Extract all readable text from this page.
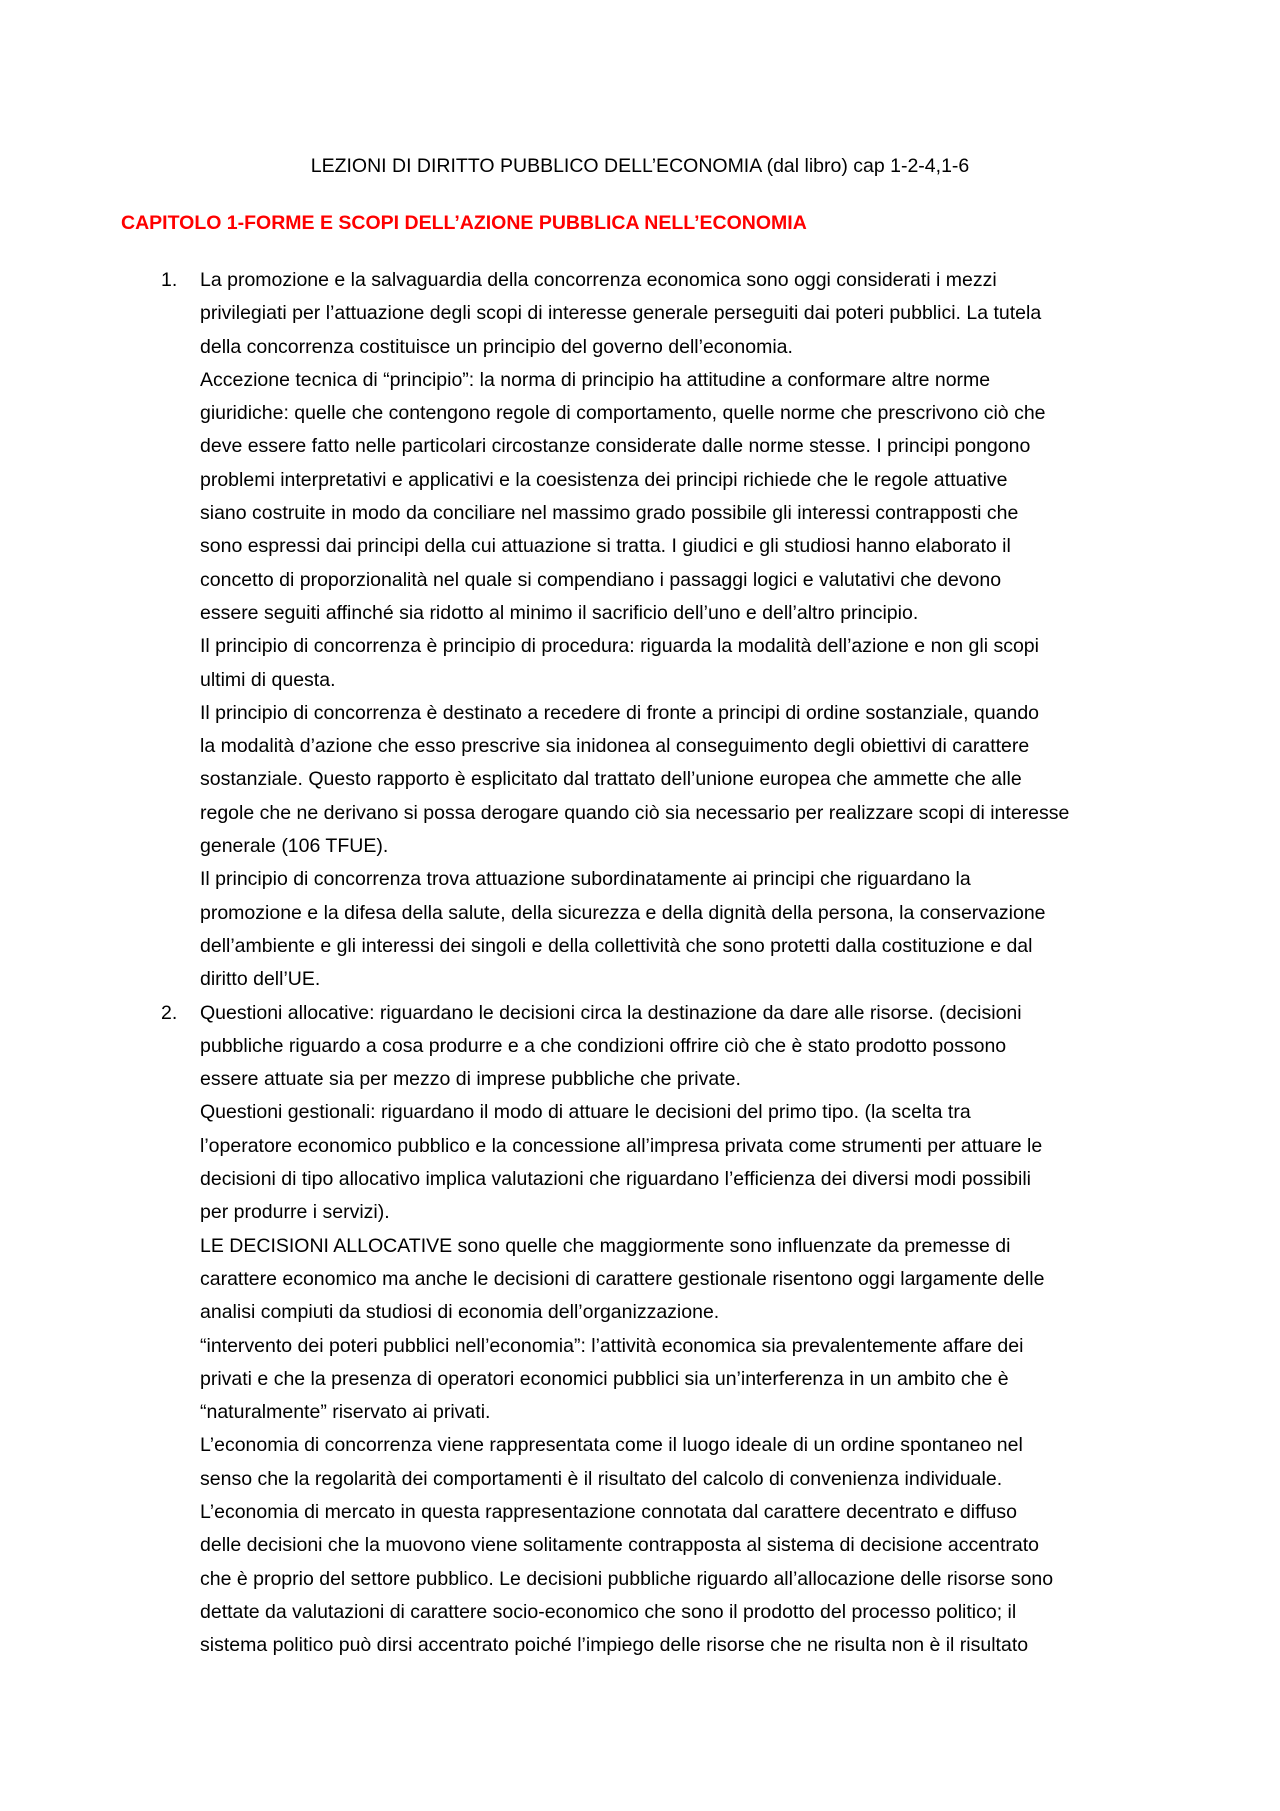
LEZIONI DI DIRITTO PUBBLICO DELL’ECONOMIA (dal libro) cap 1-2-4,1-6
CAPITOLO 1-FORME E SCOPI DELL’AZIONE PUBBLICA NELL’ECONOMIA
1. La promozione e la salvaguardia della concorrenza economica sono oggi considerati i mezzi
privilegiati per l’attuazione degli scopi di interesse generale perseguiti dai poteri pubblici. La tutela
della concorrenza costituisce un principio del governo dell’economia.
Accezione tecnica di “principio”: la norma di principio ha attitudine a conformare altre norme
giuridiche: quelle che contengono regole di comportamento, quelle norme che prescrivono ciò che
deve essere fatto nelle particolari circostanze considerate dalle norme stesse. I principi pongono
problemi interpretativi e applicativi e la coesistenza dei principi richiede che le regole attuative
siano costruite in modo da conciliare nel massimo grado possibile gli interessi contrapposti che
sono espressi dai principi della cui attuazione si tratta. I giudici e gli studiosi hanno elaborato il
concetto di proporzionalità nel quale si compendiano i passaggi logici e valutativi che devono
essere seguiti affinché sia ridotto al minimo il sacrificio dell’uno e dell’altro principio.
Il principio di concorrenza è principio di procedura: riguarda la modalità dell’azione e non gli scopi
ultimi di questa.
Il principio di concorrenza è destinato a recedere di fronte a principi di ordine sostanziale, quando
la modalità d’azione che esso prescrive sia inidonea al conseguimento degli obiettivi di carattere
sostanziale. Questo rapporto è esplicitato dal trattato dell’unione europea che ammette che alle
regole che ne derivano si possa derogare quando ciò sia necessario per realizzare scopi di interesse
generale (106 TFUE).
Il principio di concorrenza trova attuazione subordinatamente ai principi che riguardano la
promozione e la difesa della salute, della sicurezza e della dignità della persona, la conservazione
dell’ambiente e gli interessi dei singoli e della collettività che sono protetti dalla costituzione e dal
diritto dell’UE.
2. Questioni allocative: riguardano le decisioni circa la destinazione da dare alle risorse. (decisioni
pubbliche riguardo a cosa produrre e a che condizioni offrire ciò che è stato prodotto possono
essere attuate sia per mezzo di imprese pubbliche che private.
Questioni gestionali: riguardano il modo di attuare le decisioni del primo tipo. (la scelta tra
l’operatore economico pubblico e la concessione all’impresa privata come strumenti per attuare le
decisioni di tipo allocativo implica valutazioni che riguardano l’efficienza dei diversi modi possibili
per produrre i servizi).
LE DECISIONI ALLOCATIVE sono quelle che maggiormente sono influenzate da premesse di
carattere economico ma anche le decisioni di carattere gestionale risentono oggi largamente delle
analisi compiuti da studiosi di economia dell’organizzazione.
“intervento dei poteri pubblici nell’economia”: l’attività economica sia prevalentemente affare dei
privati e che la presenza di operatori economici pubblici sia un’interferenza in un ambito che è
“naturalmente” riservato ai privati.
L’economia di concorrenza viene rappresentata come il luogo ideale di un ordine spontaneo nel
senso che la regolarità dei comportamenti è il risultato del calcolo di convenienza individuale.
L’economia di mercato in questa rappresentazione connotata dal carattere decentrato e diffuso
delle decisioni che la muovono viene solitamente contrapposta al sistema di decisione accentrato
che è proprio del settore pubblico. Le decisioni pubbliche riguardo all’allocazione delle risorse sono
dettate da valutazioni di carattere socio-economico che sono il prodotto del processo politico; il
sistema politico può dirsi accentrato poiché l’impiego delle risorse che ne risulta non è il risultato
